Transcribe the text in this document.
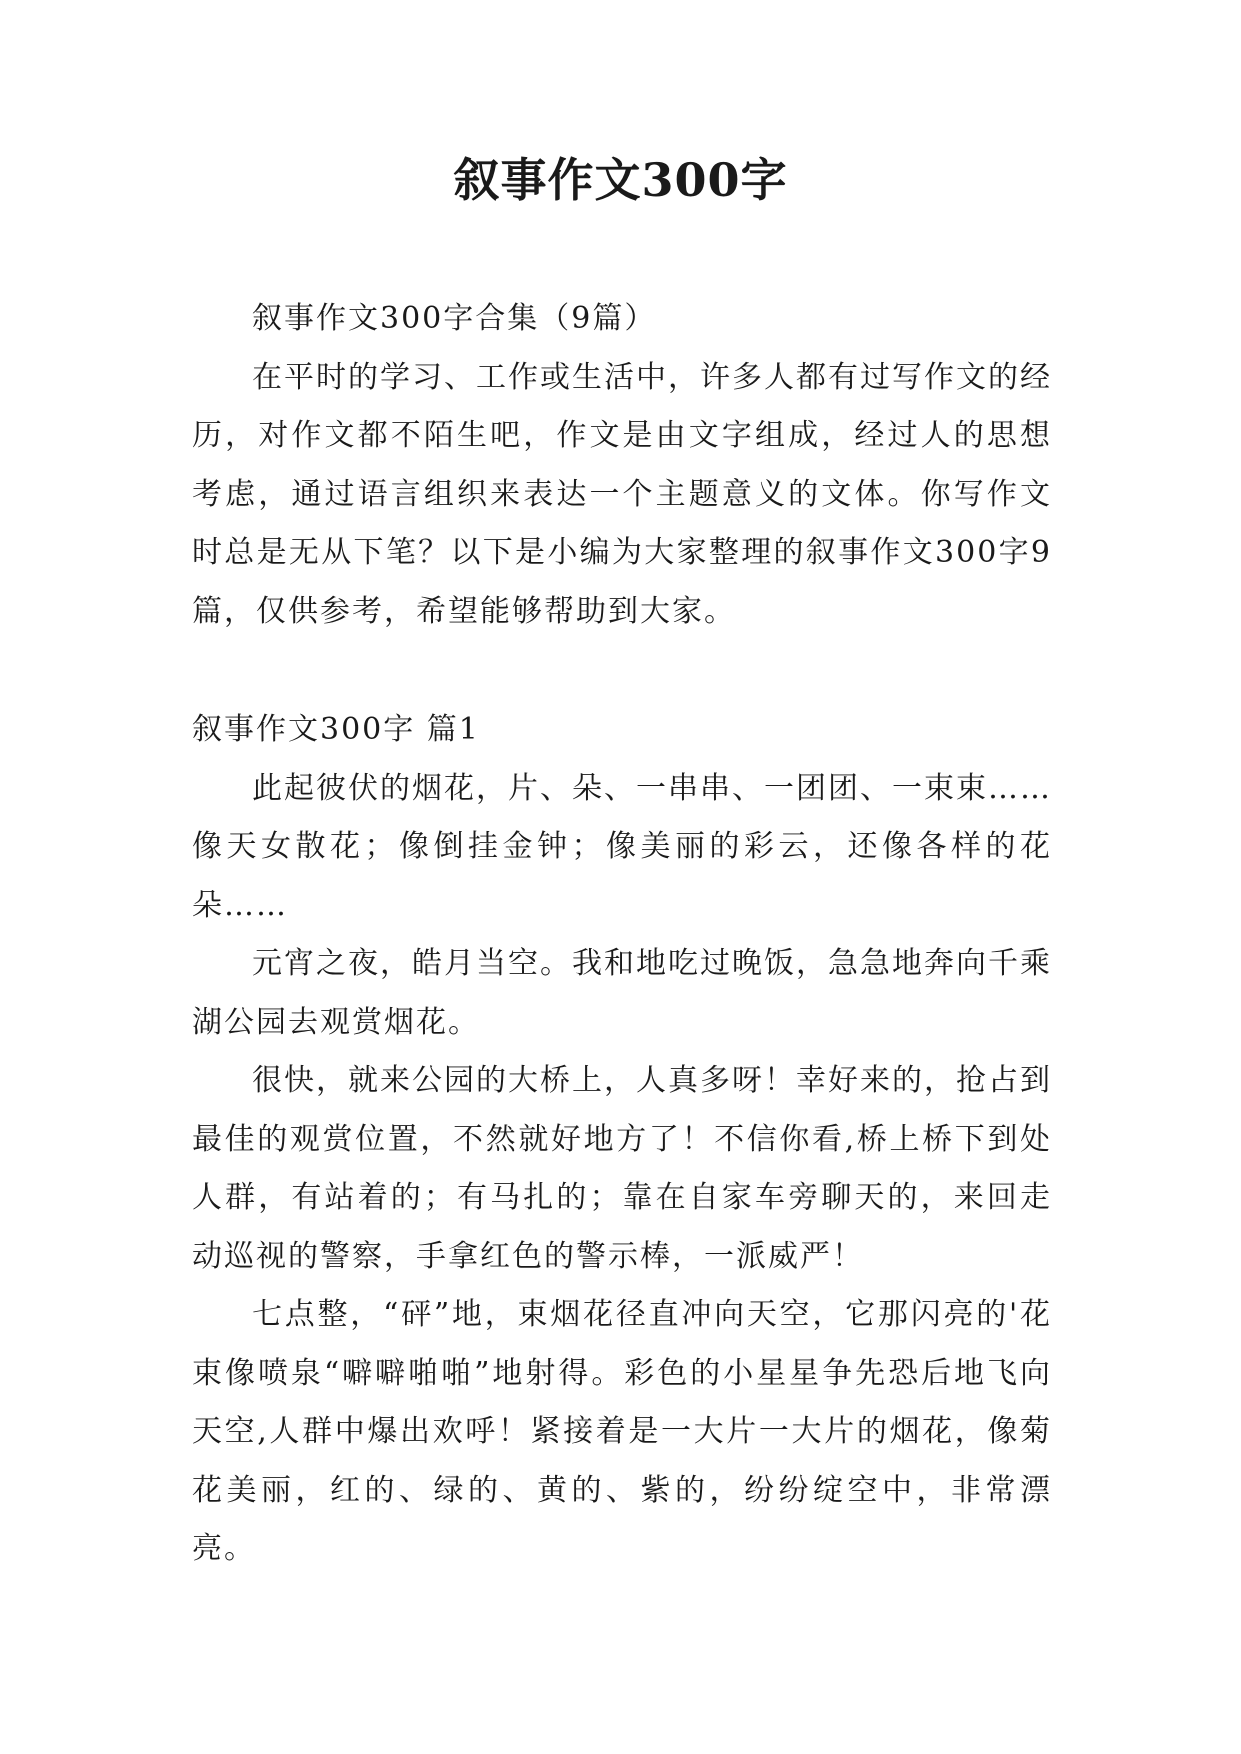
叙事作文300字

叙事作文300字合集（9篇）

在平时的学习、工作或生活中，许多人都有过写作文的经历，对作文都不陌生吧，作文是由文字组成，经过人的思想考虑，通过语言组织来表达一个主题意义的文体。你写作文时总是无从下笔？以下是小编为大家整理的叙事作文300字9篇，仅供参考，希望能够帮助到大家。

叙事作文300字 篇1

此起彼伏的烟花，片、朵、一串串、一团团、一束束……像天女散花；像倒挂金钟；像美丽的彩云，还像各样的花朵……

元宵之夜，皓月当空。我和地吃过晚饭，急急地奔向千乘湖公园去观赏烟花。

很快，就来公园的大桥上，人真多呀！幸好来的，抢占到最佳的观赏位置，不然就好地方了！不信你看,桥上桥下到处人群，有站着的；有马扎的；靠在自家车旁聊天的，来回走动巡视的警察，手拿红色的警示棒，一派威严！

七点整，“砰”地，束烟花径直冲向天空，它那闪亮的'花束像喷泉“噼噼啪啪”地射得。彩色的小星星争先恐后地飞向天空,人群中爆出欢呼！紧接着是一大片一大片的烟花，像菊花美丽，红的、绿的、黄的、紫的，纷纷绽空中，非常漂亮。
